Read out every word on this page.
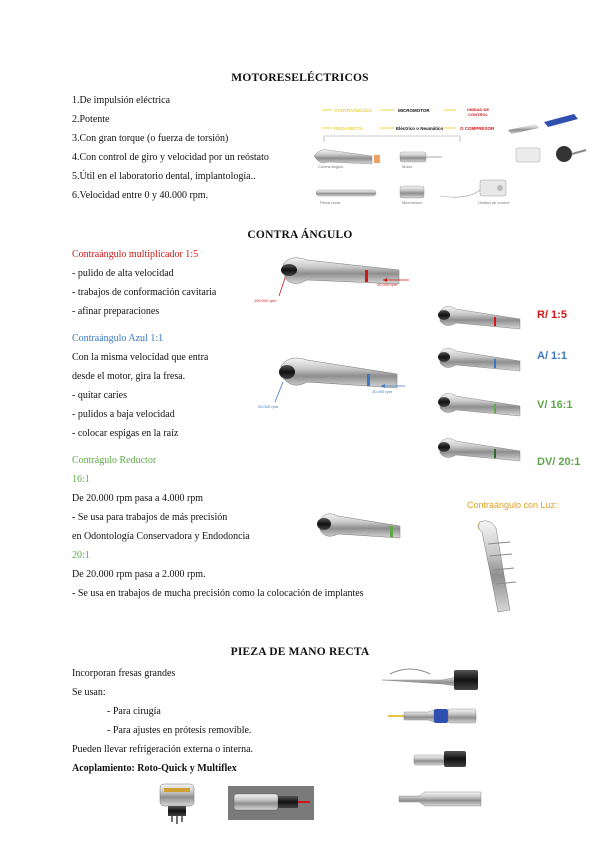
MOTORESELÉCTRICOS
1.De impulsión eléctrica
2.Potente
3.Con gran torque (o fuerza de torsión)
4.Con control de giro y velocidad por un reóstato
5.Útil en el laboratorio dental, implantología..
6.Velocidad entre 0 y 40.000 rpm.
CONTRAÁNGULO
PIEZA RECTA
MICROMOTOR
Eléctrico o Neumático
UNIDAD DE CONTROL
O COMPRESOR
Contra-ángulo	Motor
Pieza recta	Micromotor	Unidad de control
CONTRA ÁNGULO
Contraángulo multiplicador 1:5
- pulido de alta velocidad
- trabajos de conformación cavitaria
- afinar preparaciones
20.000 rpm
100.000 rpm
Contraángulo Azul 1:1
Con la misma velocidad que entra
desde el motor, gira la fresa.
- quitar caries
- pulidos a baja velocidad
- colocar espigas en la raíz
20.000 rpm
20.000 rpm
R/ 1:5
A/ 1:1
V/ 16:1
DV/ 20:1
Contrágulo Reductor
16:1
De 20.000 rpm pasa a 4.000 rpm
- Se usa para trabajos de más precisión
en Odontología Conservadora y Endodoncia
20:1
De 20.000 rpm pasa a 2.000 rpm.
- Se usa en trabajos de mucha precisión como la colocación de implantes
Contraángulo con Luz:
PIEZA DE MANO RECTA
Incorporan fresas grandes
Se usan:
- Para cirugía
- Para ajustes en prótesis removible.
Pueden llevar refrigeración externa o interna.
Acoplamiento: Roto-Quick y Multiflex
